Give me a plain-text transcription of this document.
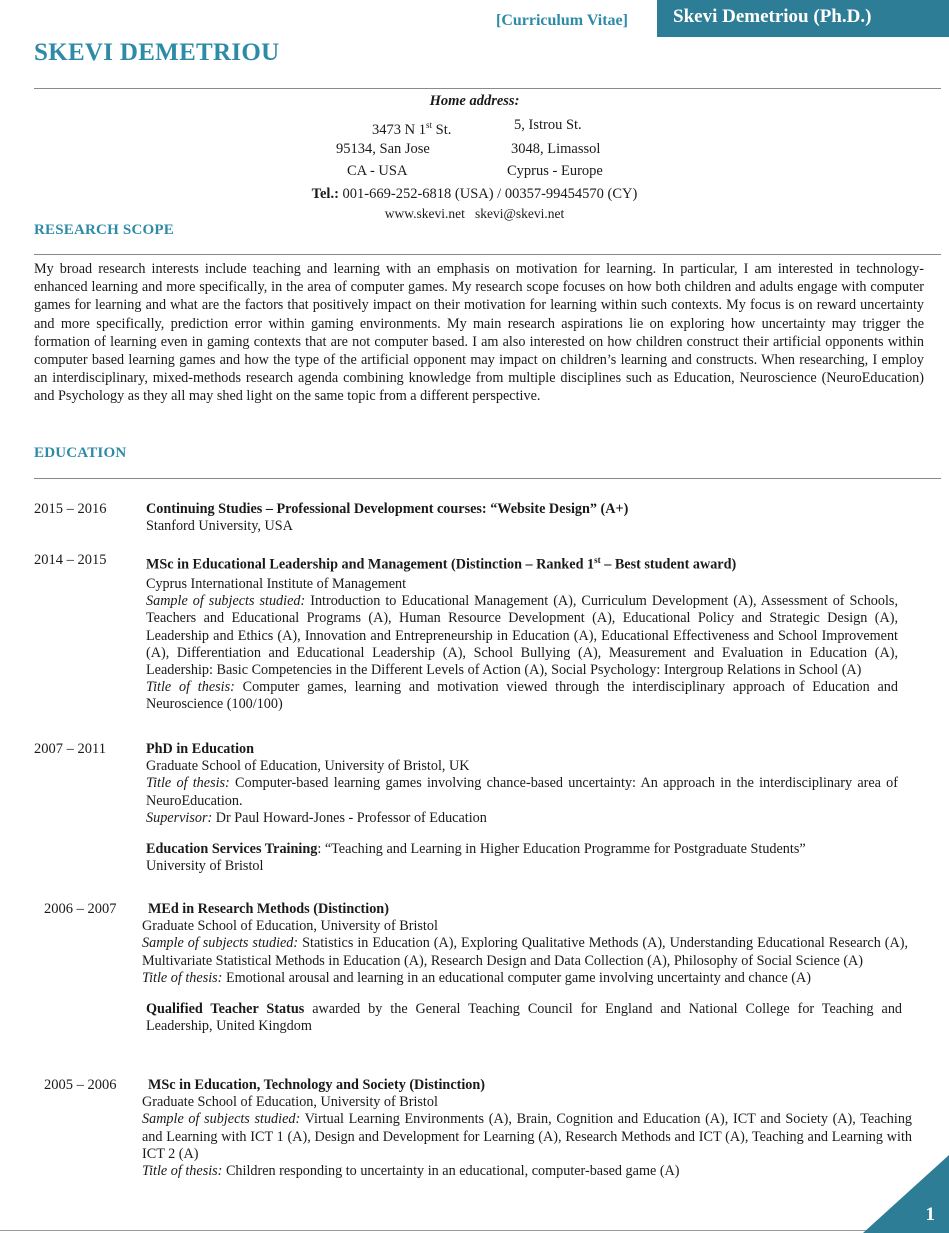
[Curriculum Vitae]	Skevi Demetriou (Ph.D.)
SKEVI DEMETRIOU
Home address:
3473 N 1st St.	5, Istrou St.
95134, San Jose	3048, Limassol
CA - USA	Cyprus - Europe
Tel.: 001-669-252-6818 (USA) / 00357-99454570 (CY)
www.skevi.net skevi@skevi.net
RESEARCH SCOPE
My broad research interests include teaching and learning with an emphasis on motivation for learning. In particular, I am interested in technology-enhanced learning and more specifically, in the area of computer games. My research scope focuses on how both children and adults engage with computer games for learning and what are the factors that positively impact on their motivation for learning within such contexts. My focus is on reward uncertainty and more specifically, prediction error within gaming environments. My main research aspirations lie on exploring how uncertainty may trigger the formation of learning even in gaming contexts that are not computer based. I am also interested on how children construct their artificial opponents within computer based learning games and how the type of the artificial opponent may impact on children’s learning and constructs. When researching, I employ an interdisciplinary, mixed-methods research agenda combining knowledge from multiple disciplines such as Education, Neuroscience (NeuroEducation) and Psychology as they all may shed light on the same topic from a different perspective.
EDUCATION
2015 – 2016	Continuing Studies – Professional Development courses: “Website Design” (A+)

Stanford University, USA

2014 – 2015	MSc in Educational Leadership and Management (Distinction – Ranked 1st – Best student award)

Cyprus International Institute of Management

Sample of subjects studied: Introduction to Educational Management (A), Curriculum Development (A), Assessment of Schools, Teachers and Educational Programs (A), Human Resource Development (A), Educational Policy and Strategic Design (A), Leadership and Ethics (A), Innovation and Entrepreneurship in Education (A), Educational Effectiveness and School Improvement (A), Differentiation and Educational Leadership (A), School Bullying (A), Measurement and Evaluation in Education (A), Leadership: Basic Competencies in the Different Levels of Action (A), Social Psychology: Intergroup Relations in School (A)

Title of thesis: Computer games, learning and motivation viewed through the interdisciplinary approach of Education and Neuroscience (100/100)

2007 – 2011	PhD in Education

Graduate School of Education, University of Bristol, UK

Title of thesis: Computer-based learning games involving chance-based uncertainty: An approach in the interdisciplinary area of NeuroEducation.

Supervisor: Dr Paul Howard-Jones - Professor of Education

Education Services Training: “Teaching and Learning in Higher Education Programme for Postgraduate Students”

University of Bristol

2006 – 2007	MEd in Research Methods (Distinction)

Graduate School of Education, University of Bristol

Sample of subjects studied: Statistics in Education (A), Exploring Qualitative Methods (A), Understanding Educational Research (A), Multivariate Statistical Methods in Education (A), Research Design and Data Collection (A), Philosophy of Social Science (A)

Title of thesis: Emotional arousal and learning in an educational computer game involving uncertainty and chance (A)

Qualified Teacher Status awarded by the General Teaching Council for England and National College for Teaching and Leadership, United Kingdom

2005 – 2006	MSc in Education, Technology and Society (Distinction)

Graduate School of Education, University of Bristol

Sample of subjects studied: Virtual Learning Environments (A), Brain, Cognition and Education (A), ICT and Society (A), Teaching and Learning with ICT 1 (A), Design and Development for Learning (A), Research Methods and ICT (A), Teaching and Learning with ICT 2 (A)

Title of thesis: Children responding to uncertainty in an educational, computer-based game (A)

1
